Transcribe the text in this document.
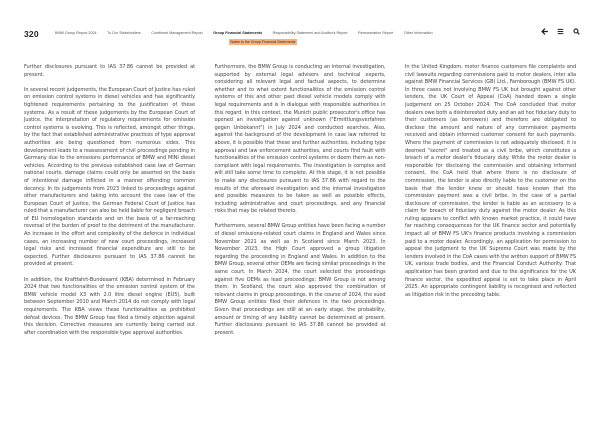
320	BMW Group Report 2024	To Our Stakeholders	Combined Management Report	Group Financial Statements	Responsibility Statement and Auditor's Report	Remuneration Report	Other Information
Notes to the Group Financial Statements

Further disclosures pursuant to IAS 37.86 cannot be provided at present.

In several recent judgements, the European Court of Justice has ruled on emission control systems in diesel vehicles and has significantly tightened requirements pertaining to the justification of these systems. As a result of these judgements by the European Court of Justice, the interpretation of regulatory requirements for emission control systems is evolving. This is reflected, amongst other things, by the fact that established administrative practices of type approval authorities are being questioned from numerous sides. This development leads to a reassessment of civil proceedings pending in Germany due to the emissions performance of BMW and MINI diesel vehicles. According to the previous established case law of German national courts, damage claims could only be asserted on the basis of intentional damage inflicted in a manner offending common decency. In its judgements from 2023 linked to proceedings against other manufacturers and taking into account the case law of the European Court of Justice, the German Federal Court of Justice has ruled that a manufacturer can also be held liable for negligent breach of EU homologation standards and on the basis of a far-reaching reversal of the burden of proof to the detriment of the manufacturer. An increase in the effort and complexity of the defence in individual cases, an increasing number of new court proceedings, increased legal risks and increased financial expenditure are still to be expected. Further disclosures pursuant to IAS 37.86 cannot be provided at present.

In addition, the Kraftfahrt-Bundesamt (KBA) determined in February 2024 that two functionalities of the emission control system of the BMW vehicle model X3 with 2.0 litre diesel engine (EU5), built between September 2010 and March 2014 do not comply with legal requirements. The KBA views these functionalities as prohibited defeat devices. The BMW Group has filed a timely objection against this decision. Corrective measures are currently being carried out after coordination with the responsible type approval authorities.

Furthermore, the BMW Group is conducting an internal investigation, supported by external legal advisers and technical experts, considering all relevant legal and factual aspects, to determine whether and to what extent functionalities of the emission control systems of this and other past diesel vehicle models comply with legal requirements and is in dialogue with responsible authorities in this regard. In this context, the Munich public prosecutor's office has opened an investigation against unknown ("Ermittlungsverfahren gegen Unbekannt") in July 2024 and conducted searches. Also, against the background of the development in case law referred to above, it is possible that these and further authorities, including type approval and law enforcement authorities, and courts find fault with functionalities of the emission control systems or deem them as non-compliant with legal requirements. The investigation is complex and will still take some time to complete. At this stage, it is not possible to make any disclosures pursuant to IAS 37.86 with regard to the results of the aforesaid investigation and the internal investigation and possible measures to be taken as well as possible effects, including administrative and court proceedings, and any financial risks that may be related thereto.

Furthermore, several BMW Group entities have been facing a number of diesel emissions-related court claims in England and Wales since November 2021 as well as in Scotland since March 2023. In November 2023, the High Court approved a group litigation regarding the proceeding in England and Wales. In addition to the BMW Group, several other OEMs are facing similar proceedings in the same court. In March 2024, the court selected the proceedings against five OEMs as lead proceedings; BMW Group is not among them. In Scotland, the court also approved the combination of relevant claims in group proceedings. In the course of 2024, the sued BMW Group entities filed their defences in the two proceedings. Given that proceedings are still at an early stage, the probability, amount or timing of any liability cannot be determined at present. Further disclosures pursuant to IAS 37.86 cannot be provided at present.

In the United Kingdom, motor finance customers file complaints and civil lawsuits regarding commissions paid to motor dealers, inter alia against BMW Financial Services (GB) Ltd., Farnborough (BMW FS UK). In three cases not involving BMW FS UK but brought against other lenders, the UK Court of Appeal (CoA) handed down a single judgement on 25 October 2024. The CoA concluded that motor dealers owe both a disinterested duty and an ad hoc fiduciary duty to their customers (as borrowers) and therefore are obligated to disclose the amount and nature of any commission payments received and obtain informed customer consent for such payments. Where the payment of commission is not adequately disclosed, it is deemed "secret" and treated as a civil bribe, which constitutes a breach of a motor dealer's fiduciary duty. While the motor dealer is responsible for disclosing the commission and obtaining informed consent, the CoA held that where there is no disclosure of commission, the lender is also directly liable to the customer on the basis that the lender knew or should have known that the commission payment was a civil bribe. In the case of a partial disclosure of commission, the lender is liable as an accessory to a claim for breach of fiduciary duty against the motor dealer. As this ruling appears to conflict with known market practice, it could have far reaching consequences for the UK finance sector and potentially impact all of BMW FS UK's finance products involving a commission paid to a motor dealer. Accordingly, an application for permission to appeal the judgment to the UK Supreme Court was made by the lenders involved in the CoA cases with the written support of BMW FS UK, various trade bodies, and the Financial Conduct Authority. That application has been granted and due to the significance for the UK finance sector, the expedited appeal is set to take place in April 2025. An appropriate contingent liability is recognised and reflected as litigation risk in the preceding table.
